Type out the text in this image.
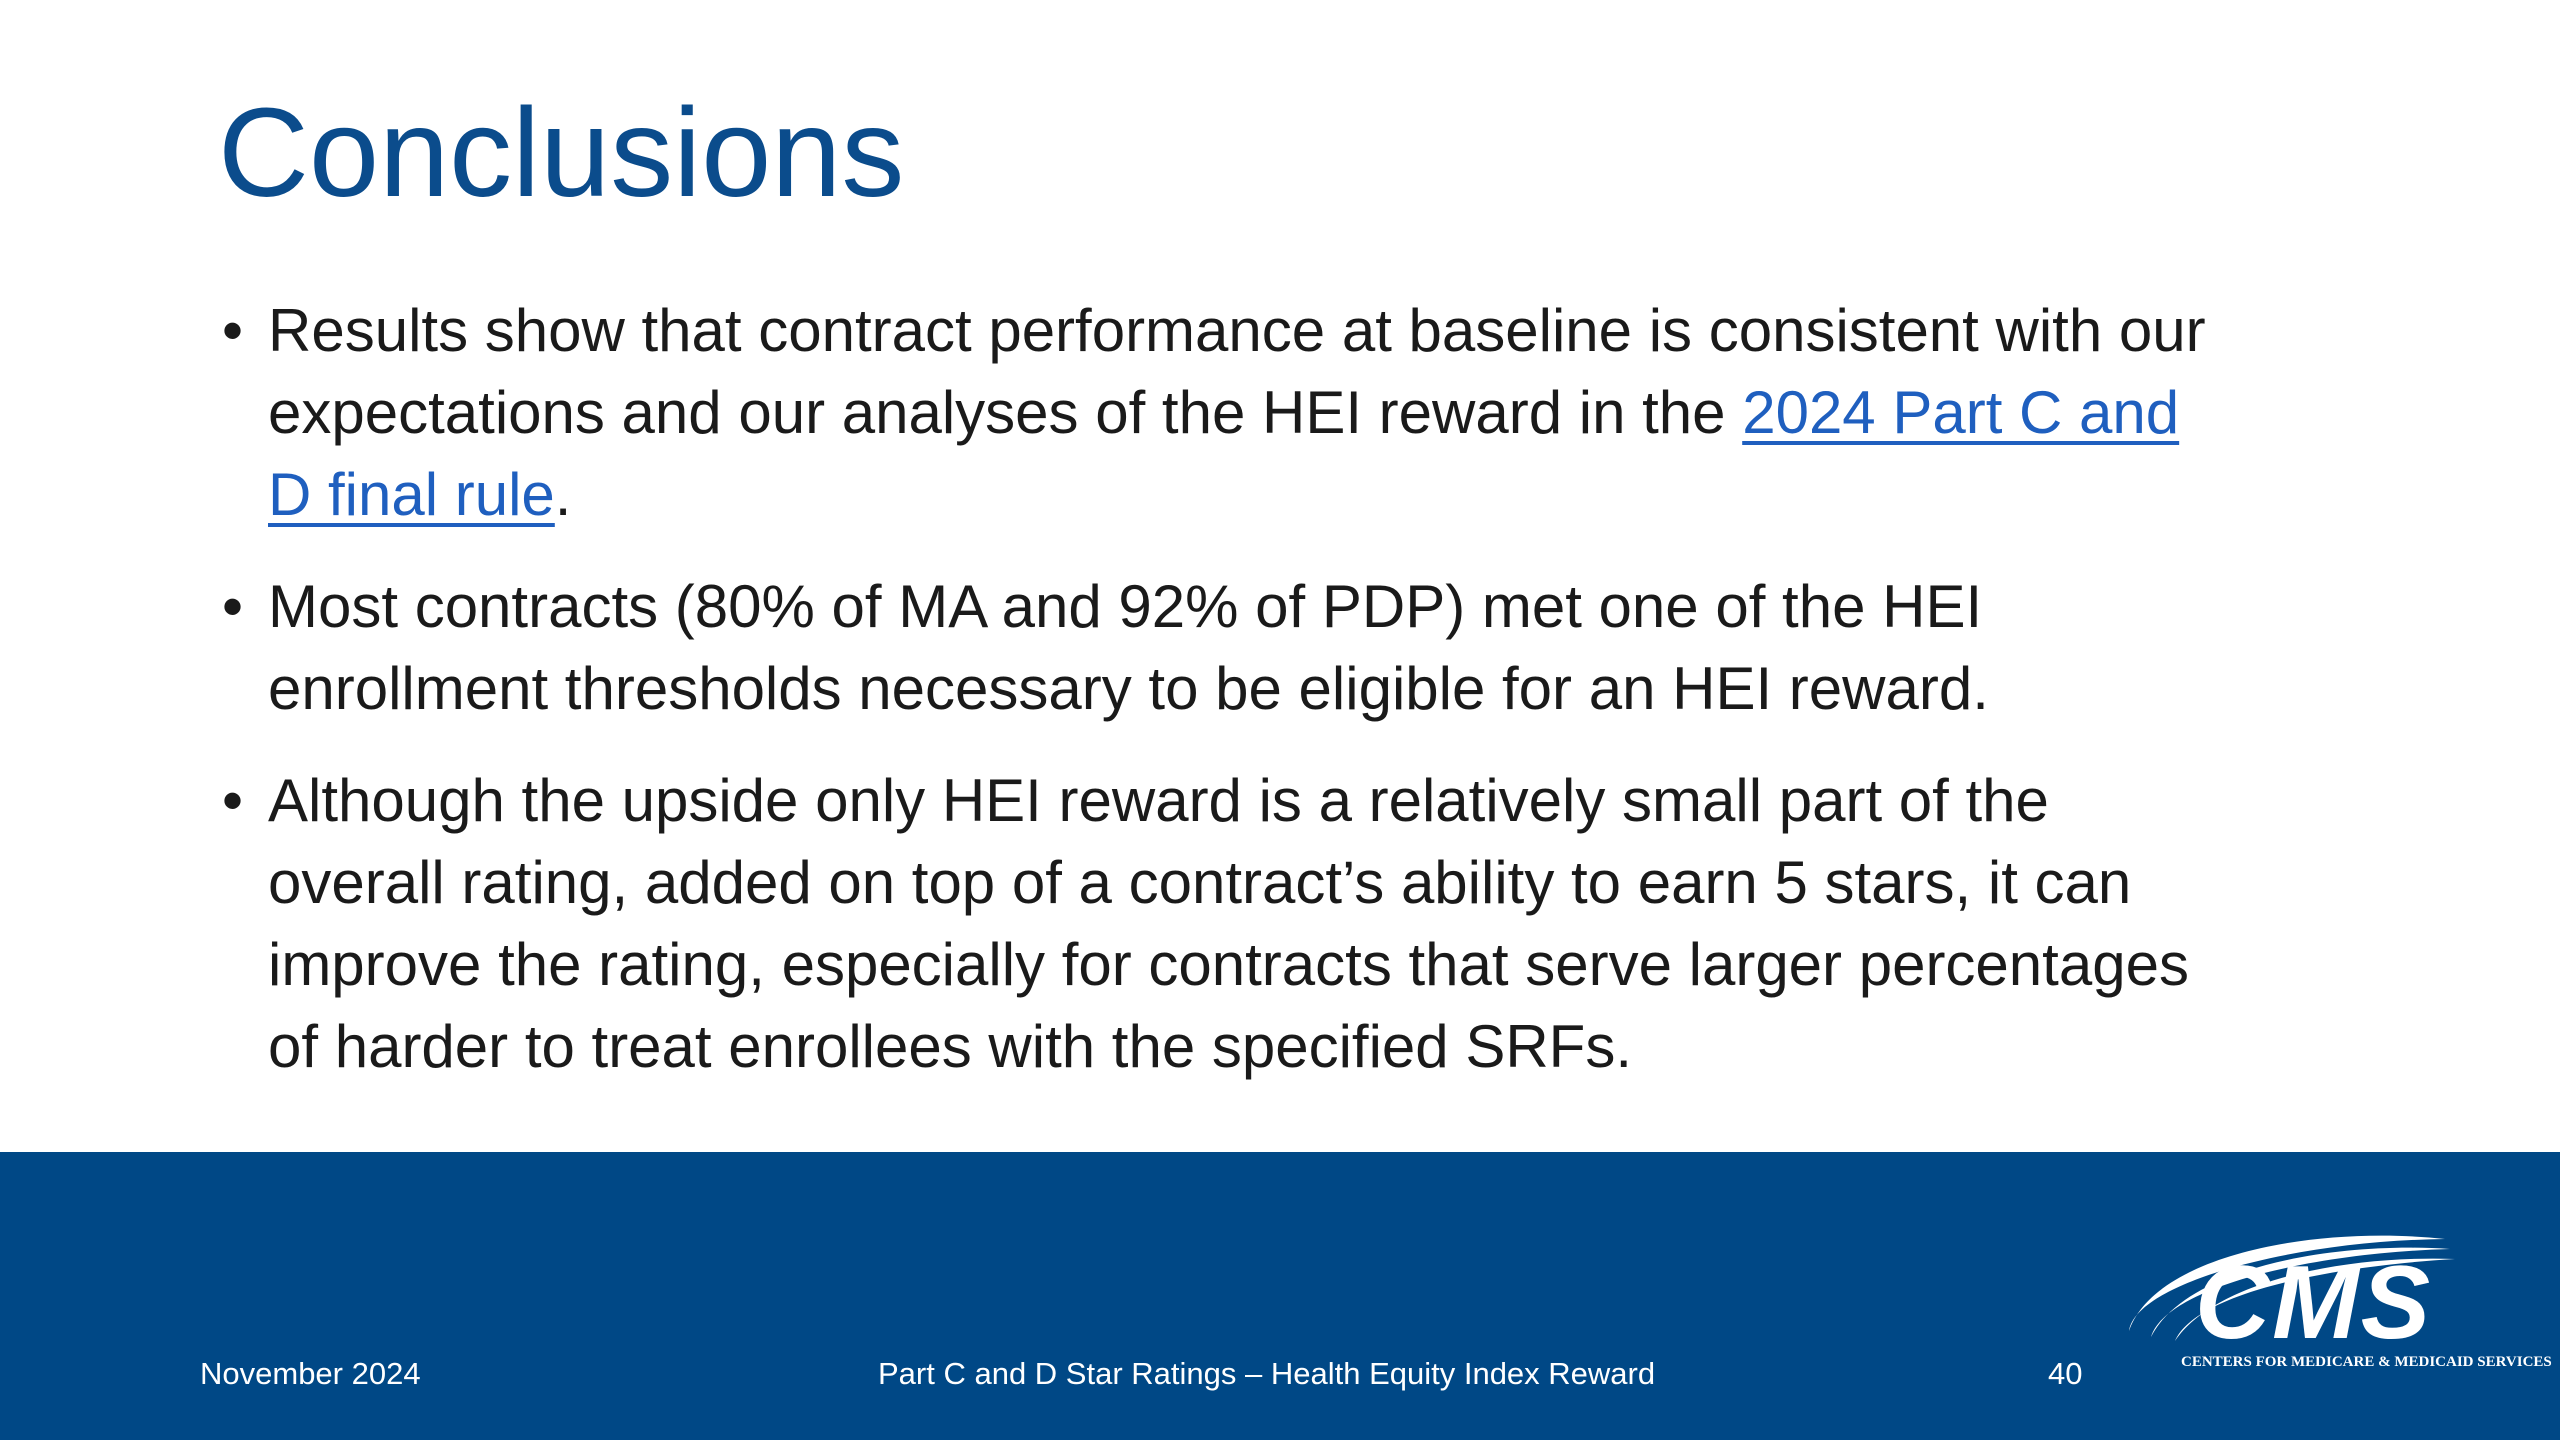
Conclusions
• Results show that contract performance at baseline is consistent with our expectations and our analyses of the HEI reward in the 2024 Part C and D final rule.
• Most contracts (80% of MA and 92% of PDP) met one of the HEI enrollment thresholds necessary to be eligible for an HEI reward.
• Although the upside only HEI reward is a relatively small part of the overall rating, added on top of a contract’s ability to earn 5 stars, it can improve the rating, especially for contracts that serve larger percentages of harder to treat enrollees with the specified SRFs.
November 2024	Part C and D Star Ratings – Health Equity Index Reward	40
CMS
CENTERS FOR MEDICARE & MEDICAID SERVICES
